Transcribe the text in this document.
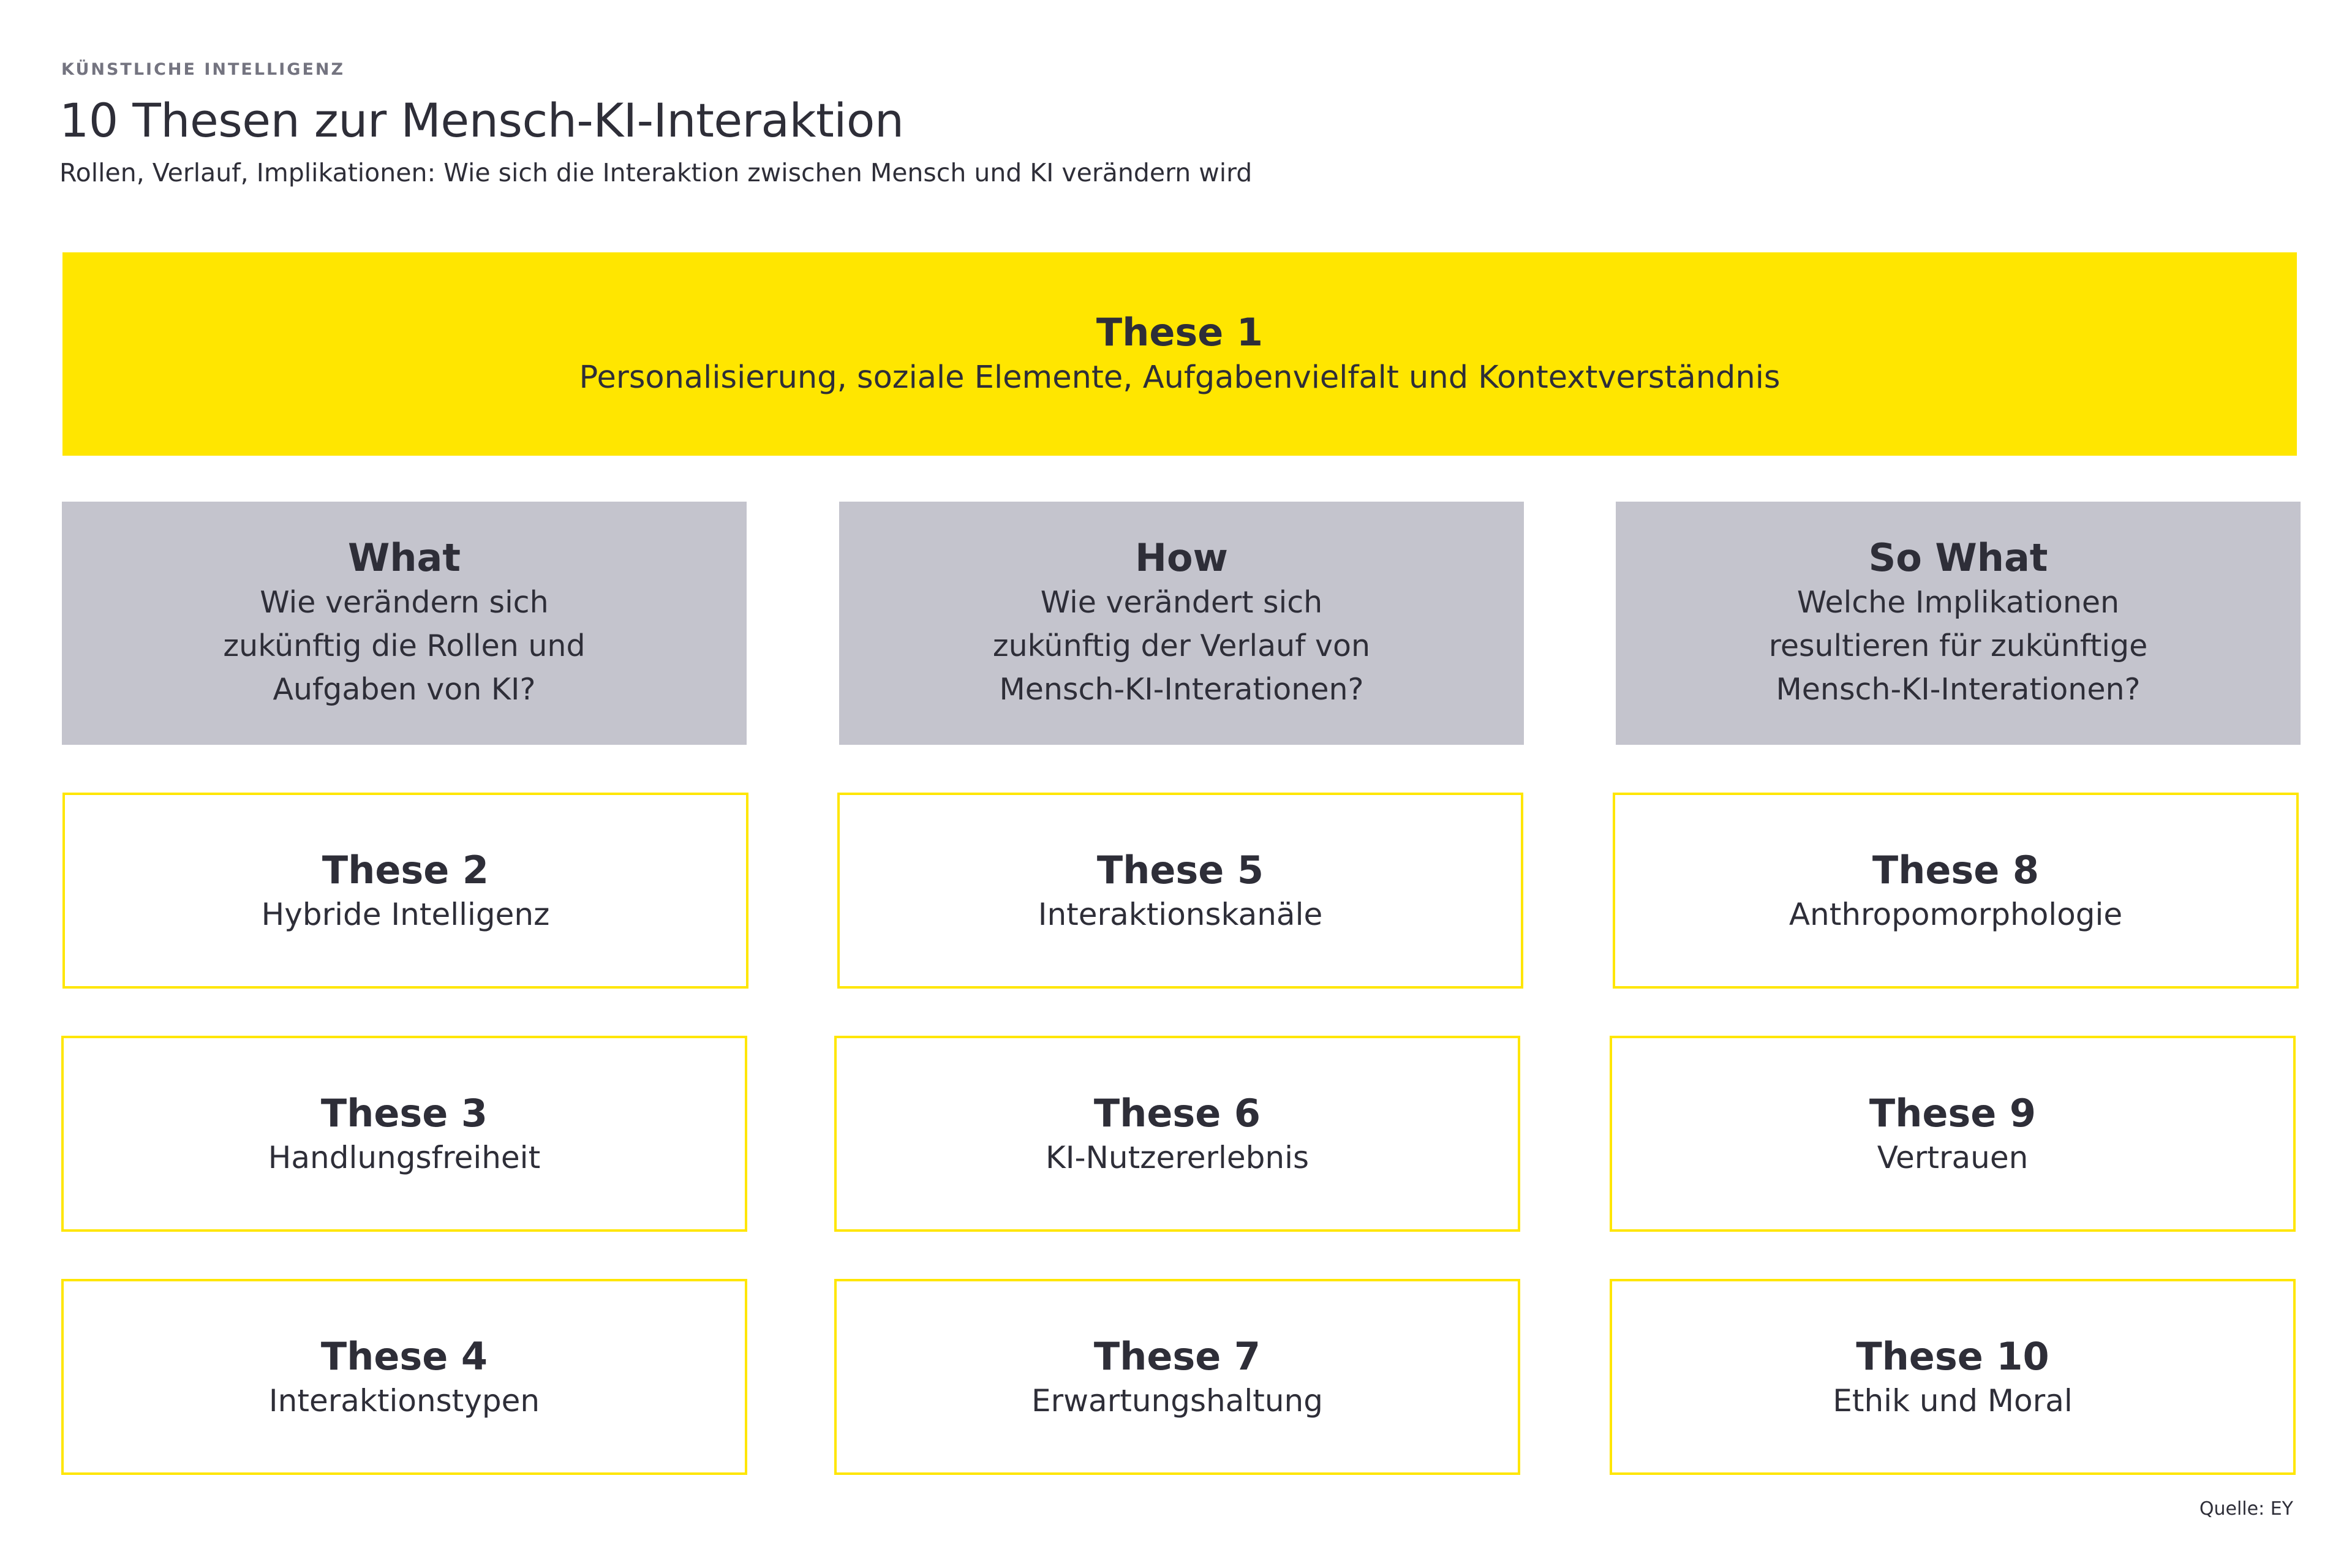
KÜNSTLICHE INTELLIGENZ
10 Thesen zur Mensch-KI-Interaktion
Rollen, Verlauf, Implikationen: Wie sich die Interaktion zwischen Mensch und KI verändern wird
These 1
Personalisierung, soziale Elemente, Aufgabenvielfalt und Kontextverständnis
What
Wie verändern sich
zukünftig die Rollen und
Aufgaben von KI?
How
Wie verändert sich
zukünftig der Verlauf von
Mensch-KI-Interationen?
So What
Welche Implikationen
resultieren für zukünftige
Mensch-KI-Interationen?
These 2
Hybride Intelligenz
These 3
Handlungsfreiheit
These 4
Interaktionstypen
These 5
Interaktionskanäle
These 6
KI-Nutzererlebnis
These 7
Erwartungshaltung
These 8
Anthropomorphologie
These 9
Vertrauen
These 10
Ethik und Moral
Quelle: EY
